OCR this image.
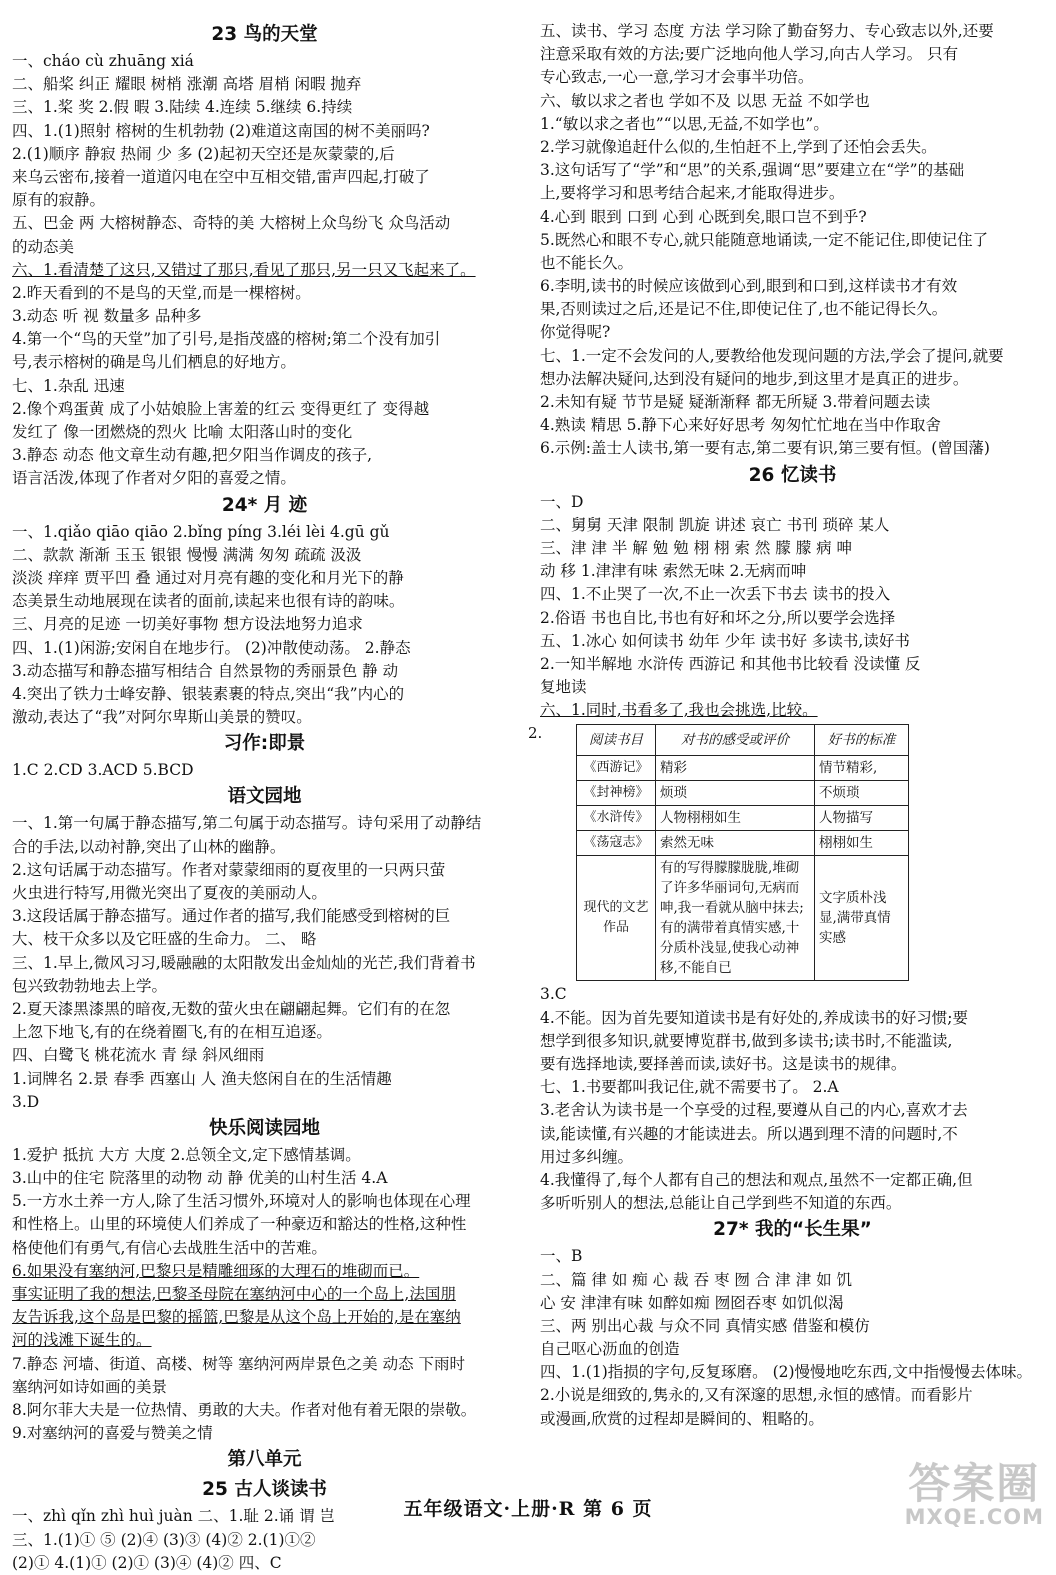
23 鸟的天堂
一、cháo cù zhuāng xiá
二、船桨 纠正 耀眼 树梢 涨潮 高塔 眉梢 闲暇 抛弃
三、1.桨 奖 2.假 暇 3.陆续 4.连续 5.继续 6.持续
四、1.(1)照射 榕树的生机勃勃 (2)难道这南国的树不美丽吗?
2.(1)顺序 静寂 热闹 少 多 (2)起初天空还是灰蒙蒙的,后
来乌云密布,接着一道道闪电在空中互相交错,雷声四起,打破了
原有的寂静。
五、巴金 两 大榕树静态、奇特的美 大榕树上众鸟纷飞 众鸟活动
的动态美
六、1.看清楚了这只,又错过了那只,看见了那只,另一只又飞起来了。
2.昨天看到的不是鸟的天堂,而是一棵榕树。
3.动态 听 视 数量多 品种多
4.第一个“鸟的天堂”加了引号,是指茂盛的榕树;第二个没有加引
号,表示榕树的确是鸟儿们栖息的好地方。
七、1.杂乱 迅速
2.像个鸡蛋黄 成了小姑娘脸上害羞的红云 变得更红了 变得越
发红了 像一团燃烧的烈火 比喻 太阳落山时的变化
3.静态 动态 他文章生动有趣,把夕阳当作调皮的孩子,
语言活泼,体现了作者对夕阳的喜爱之情。
24* 月 迹
一、1.qiǎo qiāo qiāo 2.bǐng píng 3.léi lèi 4.gū gǔ
二、款款 渐渐 玉玉 银银 慢慢 满满 匆匆 疏疏 汲汲
淡淡 痒痒 贾平凹 叠 通过对月亮有趣的变化和月光下的静
态美景生动地展现在读者的面前,读起来也很有诗的韵味。
三、月亮的足迹 一切美好事物 想方设法地努力追求
四、1.(1)闲游;安闲自在地步行。 (2)冲散使动荡。 2.静态
3.动态描写和静态描写相结合 自然景物的秀丽景色 静 动
4.突出了铁力士峰安静、银装素裹的特点,突出“我”内心的
激动,表达了“我”对阿尔卑斯山美景的赞叹。
习作:即景
1.C 2.CD 3.ACD 5.BCD
语文园地
一、1.第一句属于静态描写,第二句属于动态描写。诗句采用了动静结
合的手法,以动衬静,突出了山林的幽静。
2.这句话属于动态描写。作者对蒙蒙细雨的夏夜里的一只两只萤
火虫进行特写,用微光突出了夏夜的美丽动人。
3.这段话属于静态描写。通过作者的描写,我们能感受到榕树的巨
大、枝干众多以及它旺盛的生命力。 二、 略
三、1.早上,微风习习,暖融融的太阳散发出金灿灿的光芒,我们背着书
包兴致勃勃地去上学。
2.夏天漆黑漆黑的暗夜,无数的萤火虫在翩翩起舞。它们有的在忽
上忽下地飞,有的在绕着圈飞,有的在相互追逐。
四、白鹭飞 桃花流水 青 绿 斜风细雨
1.词牌名 2.景 春季 西塞山 人 渔夫悠闲自在的生活情趣
3.D
快乐阅读园地
1.爱护 抵抗 大方 大度 2.总领全文,定下感情基调。
3.山中的住宅 院落里的动物 动 静 优美的山村生活 4.A
5.一方水土养一方人,除了生活习惯外,环境对人的影响也体现在心理
和性格上。山里的环境使人们养成了一种豪迈和豁达的性格,这种性
格使他们有勇气,有信心去战胜生活中的苦难。
6.如果没有塞纳河,巴黎只是精雕细琢的大理石的堆砌而已。
事实证明了我的想法,巴黎圣母院在塞纳河中心的一个岛上,法国朋
友告诉我,这个岛是巴黎的摇篮,巴黎是从这个岛上开始的,是在塞纳
河的浅滩下诞生的。
7.静态 河墙、街道、高楼、树等 塞纳河两岸景色之美 动态 下雨时
塞纳河如诗如画的美景
8.阿尔菲大夫是一位热情、勇敢的大夫。作者对他有着无限的崇敬。
9.对塞纳河的喜爱与赞美之情
第八单元
25 古人谈读书
一、zhì qǐn zhì huì juàn 二、1.耻 2.诵 谓 岂
三、1.(1)① ⑤ (2)④ (3)③ (4)② 2.(1)①②
(2)① 4.(1)① (2)① (3)④ (4)② 四、C
五、读书、学习 态度 方法 学习除了勤奋努力、专心致志以外,还要
注意采取有效的方法;要广泛地向他人学习,向古人学习。 只有
专心致志,一心一意,学习才会事半功倍。
六、敏以求之者也 学如不及 以思 无益 不如学也
1.“敏以求之者也”“以思,无益,不如学也”。
2.学习就像追赶什么似的,生怕赶不上,学到了还怕会丢失。
3.这句话写了“学”和“思”的关系,强调“思”要建立在“学”的基础
上,要将学习和思考结合起来,才能取得进步。
4.心到 眼到 口到 心到 心既到矣,眼口岂不到乎?
5.既然心和眼不专心,就只能随意地诵读,一定不能记住,即使记住了
也不能长久。
6.李明,读书的时候应该做到心到,眼到和口到,这样读书才有效
果,否则读过之后,还是记不住,即使记住了,也不能记得长久。
你觉得呢?
七、1.一定不会发问的人,要教给他发现问题的方法,学会了提问,就要
想办法解决疑问,达到没有疑问的地步,到这里才是真正的进步。
2.未知有疑 节节是疑 疑渐渐释 都无所疑 3.带着问题去读
4.熟读 精思 5.静下心来好好思考 匆匆忙忙地在当中作取舍
6.示例:盖士人读书,第一要有志,第二要有识,第三要有恒。(曾国藩)
26 忆读书
一、D
二、舅舅 天津 限制 凯旋 讲述 哀亡 书刊 琐碎 某人
三、津 津 半 解 勉 勉 栩 栩 索 然 朦 朦 病 呻
动 移 1.津津有味 索然无味 2.无病而呻
四、1.不止哭了一次,不止一次丢下书去 读书的投入
2.俗语 书也自比,书也有好和坏之分,所以要学会选择
五、1.冰心 如何读书 幼年 少年 读书好 多读书,读好书
2.一知半解地 水浒传 西游记 和其他书比较看 没读懂 反
复地读
六、1.同时,书看多了,我也会挑选,比较。
2.	阅读书目	对书的感受或评价	好书的标准
《西游记》	精彩	情节精彩,
《封神榜》	烦琐	不烦琐
《水浒传》	人物栩栩如生	人物描写
《荡寇志》	索然无味	栩栩如生
现代的文艺作品	有的写得朦朦胧胧,堆砌了许多华丽词句,无病而呻,我一看就从脑中抹去;有的满带着真情实感,十分质朴浅显,使我心动神移,不能自已	文字质朴浅显,满带真情实感
3.C
4.不能。因为首先要知道读书是有好处的,养成读书的好习惯;要
想学到很多知识,就要博览群书,做到多读书;读书时,不能滥读,
要有选择地读,要择善而读,读好书。这是读书的规律。
七、1.书要都叫我记住,就不需要书了。 2.A
3.老舍认为读书是一个享受的过程,要遵从自己的内心,喜欢才去
读,能读懂,有兴趣的才能读进去。所以遇到理不清的问题时,不
用过多纠缠。
4.我懂得了,每个人都有自己的想法和观点,虽然不一定都正确,但
多听听别人的想法,总能让自己学到些不知道的东西。
27* 我的“长生果”
一、B
二、篇 律 如 痴 心 裁 吞 枣 囫 合 津 津 如 饥
心 安 津津有味 如醉如痴 囫囵吞枣 如饥似渴
三、两 别出心裁 与众不同 真情实感 借鉴和模仿
自己呕心沥血的创造
四、1.(1)指损的字句,反复琢磨。 (2)慢慢地吃东西,文中指慢慢去体味。
2.小说是细致的,隽永的,又有深邃的思想,永恒的感情。而看影片
或漫画,欣赏的过程却是瞬间的、粗略的。
五年级语文·上册·R 第 6 页
答案圈
MXQE.COM
